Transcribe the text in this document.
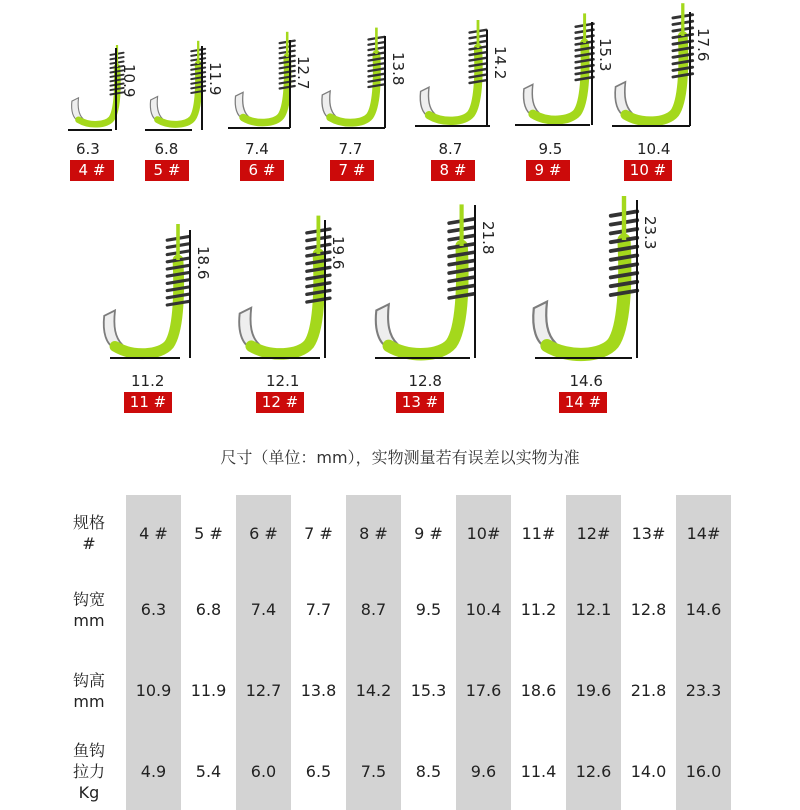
6.3
10.9
4 #
6.8
11.9
5 #
7.4
12.7
6 #
7.7
13.8
7 #
8.7
14.2
8 #
9.5
15.3
9 #
10.4
17.6
10 #
11.2
18.6
11 #
12.1
19.6
12 #
12.8
21.8
13 #
14.6
23.3
14 #
尺寸（单位：mm），实物测量若有误差以实物为准
规格
#	4 #	5 #	6 #	7 #	8 #	9 #	10#	11#	12#	13#	14#

钩宽
mm	6.3	6.8	7.4	7.7	8.7	9.5	10.4	11.2	12.1	12.8	14.6

钩高
mm	10.9	11.9	12.7	13.8	14.2	15.3	17.6	18.6	19.6	21.8	23.3

鱼钩
拉力
Kg	4.9	5.4	6.0	6.5	7.5	8.5	9.6	11.4	12.6	14.0	16.0
